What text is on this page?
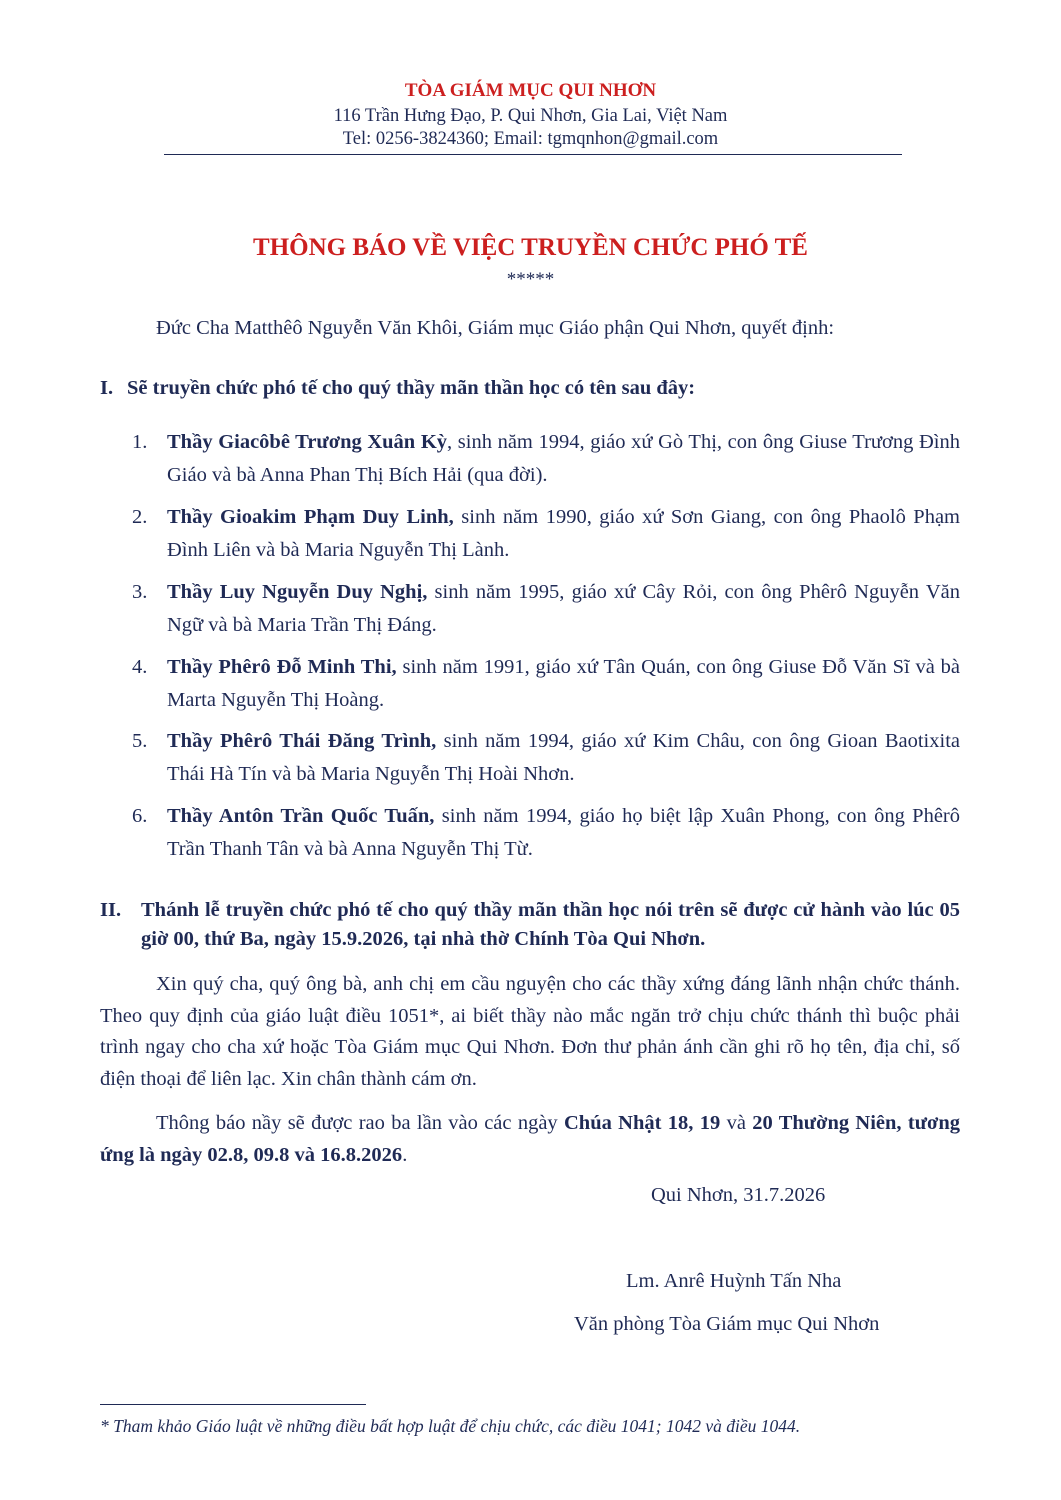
TÒA GIÁM MỤC QUI NHƠN
116 Trần Hưng Đạo, P. Qui Nhơn, Gia Lai, Việt Nam
Tel: 0256-3824360; Email: tgmqnhon@gmail.com
THÔNG BÁO VỀ VIỆC TRUYỀN CHỨC PHÓ TẾ
*****
Đức Cha Matthêô Nguyễn Văn Khôi, Giám mục Giáo phận Qui Nhơn, quyết định:
I. Sẽ truyền chức phó tế cho quý thầy mãn thần học có tên sau đây:
1. Thầy Giacôbê Trương Xuân Kỳ, sinh năm 1994, giáo xứ Gò Thị, con ông Giuse Trương Đình Giáo và bà Anna Phan Thị Bích Hải (qua đời).
2. Thầy Gioakim Phạm Duy Linh, sinh năm 1990, giáo xứ Sơn Giang, con ông Phaolô Phạm Đình Liên và bà Maria Nguyễn Thị Lành.
3. Thầy Luy Nguyễn Duy Nghị, sinh năm 1995, giáo xứ Cây Rỏi, con ông Phêrô Nguyễn Văn Ngữ và bà Maria Trần Thị Đáng.
4. Thầy Phêrô Đỗ Minh Thi, sinh năm 1991, giáo xứ Tân Quán, con ông Giuse Đỗ Văn Sĩ và bà Marta Nguyễn Thị Hoàng.
5. Thầy Phêrô Thái Đăng Trình, sinh năm 1994, giáo xứ Kim Châu, con ông Gioan Baotixita Thái Hà Tín và bà Maria Nguyễn Thị Hoài Nhơn.
6. Thầy Antôn Trần Quốc Tuấn, sinh năm 1994, giáo họ biệt lập Xuân Phong, con ông Phêrô Trần Thanh Tân và bà Anna Nguyễn Thị Từ.
II. Thánh lễ truyền chức phó tế cho quý thầy mãn thần học nói trên sẽ được cử hành vào lúc 05 giờ 00, thứ Ba, ngày 15.9.2026, tại nhà thờ Chính Tòa Qui Nhơn.
Xin quý cha, quý ông bà, anh chị em cầu nguyện cho các thầy xứng đáng lãnh nhận chức thánh. Theo quy định của giáo luật điều 1051*, ai biết thầy nào mắc ngăn trở chịu chức thánh thì buộc phải trình ngay cho cha xứ hoặc Tòa Giám mục Qui Nhơn. Đơn thư phản ánh cần ghi rõ họ tên, địa chỉ, số điện thoại để liên lạc. Xin chân thành cám ơn.
Thông báo nầy sẽ được rao ba lần vào các ngày Chúa Nhật 18, 19 và 20 Thường Niên, tương ứng là ngày 02.8, 09.8 và 16.8.2026.
Qui Nhơn, 31.7.2026
Lm. Anrê Huỳnh Tấn Nha
Văn phòng Tòa Giám mục Qui Nhơn
* Tham khảo Giáo luật về những điều bất hợp luật để chịu chức, các điều 1041; 1042 và điều 1044.
